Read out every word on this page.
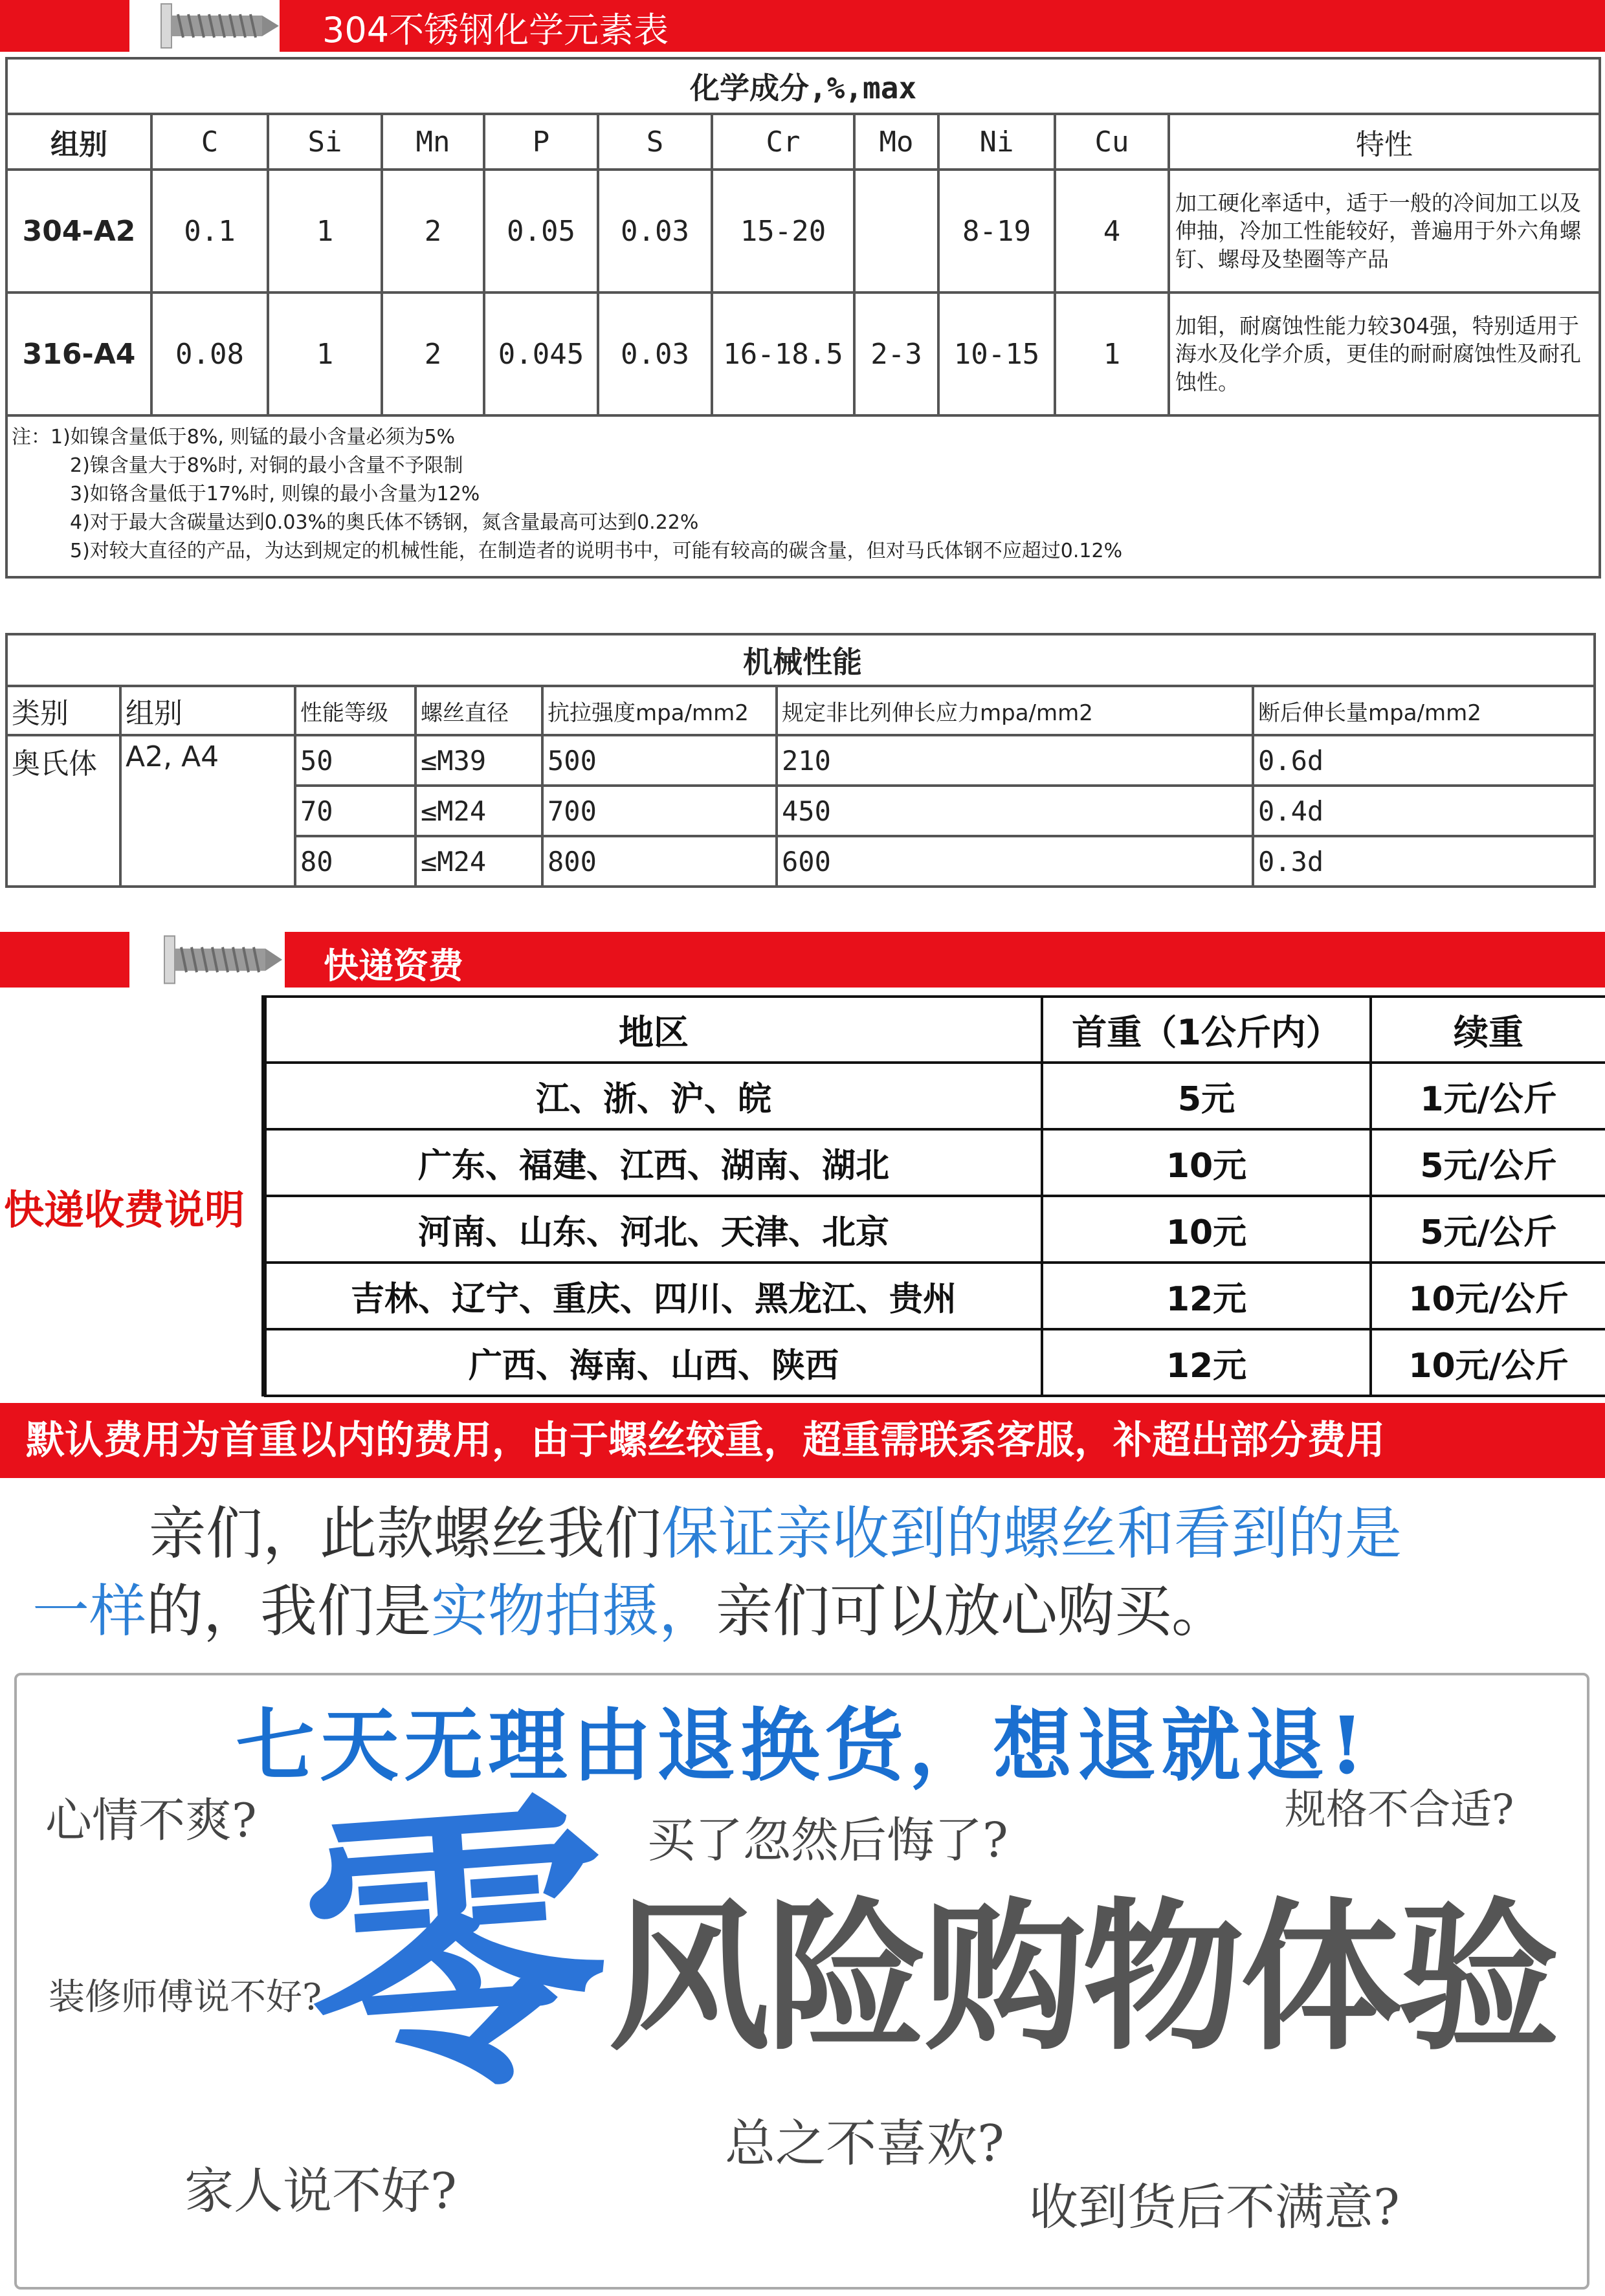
304不锈钢化学元素表
化学成分,%,max										
组别	C	Si	Mn	P	S	Cr	Mo	Ni	Cu	特性
304-A2	0.1	1	2	0.05	0.03	15-20		8-19	4	加工硬化率适中，适于一般的冷间加工以及伸抽，冷加工性能较好，普遍用于外六角螺钉、螺母及垫圈等产品
316-A4	0.08	1	2	0.045	0.03	16-18.5	2-3	10-15	1	加钼，耐腐蚀性能力较304强，特别适用于海水及化学介质，更佳的耐耐腐蚀性及耐孔蚀性。

注：1)如镍含量低于8%, 则锰的最小含量必须为5%
2)镍含量大于8%时, 对铜的最小含量不予限制
3)如铬含量低于17%时, 则镍的最小含量为12%
4)对于最大含碳量达到0.03%的奥氏体不锈钢，氮含量最高可达到0.22%
5)对较大直径的产品，为达到规定的机械性能，在制造者的说明书中，可能有较高的碳含量，但对马氏体钢不应超过0.12%										
机械性能						
类别	组别	性能等级	螺丝直径	抗拉强度mpa/mm2	规定非比列伸长应力mpa/mm2	断后伸长量mpa/mm2
奥氏体	A2, A4	50	≤M39	500	210	0.6d
		70	≤M24	700	450	0.4d
		80	≤M24	800	600	0.3d
快递资费
快递收费说明
地区	首重（1公斤内）	续重
江、浙、沪、皖	5元	1元/公斤
广东、福建、江西、湖南、湖北	10元	5元/公斤
河南、山东、河北、天津、北京	10元	5元/公斤
吉林、辽宁、重庆、四川、黑龙江、贵州	12元	10元/公斤
广西、海南、山西、陕西	12元	10元/公斤
默认费用为首重以内的费用，由于螺丝较重，超重需联系客服，补超出部分费用
亲们，此款螺丝我们保证亲收到的螺丝和看到的是
一样的，我们是实物拍摄，亲们可以放心购买。
七天无理由退换货，想退就退!
心情不爽?	买了忽然后悔了?
规格不合适?
装修师傅说不好?
零
风险购物体验
总之不喜欢?
家人说不好?	收到货后不满意?
